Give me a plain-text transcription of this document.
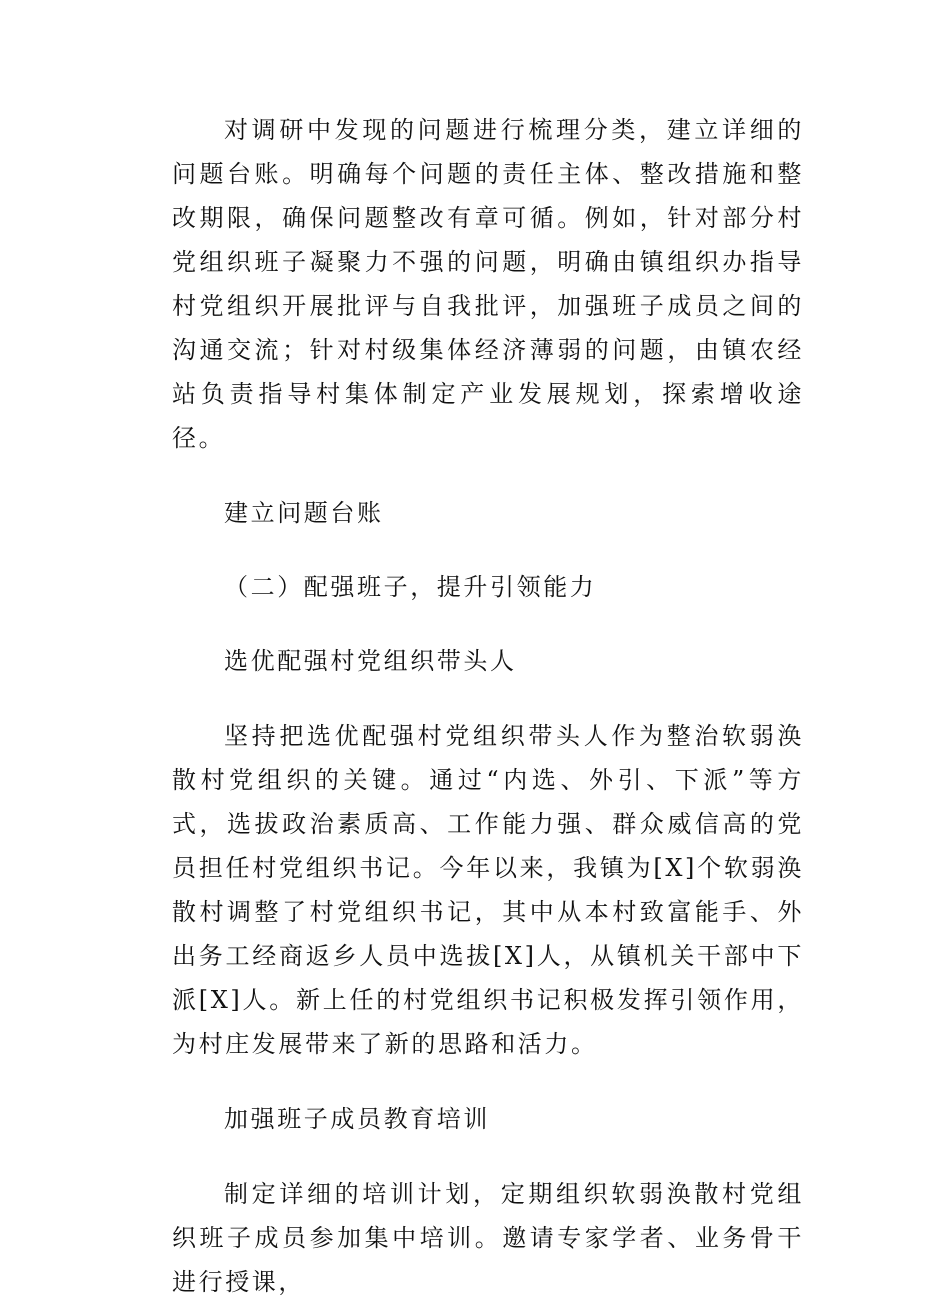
对调研中发现的问题进行梳理分类，建立详细的问题台账。明确每个问题的责任主体、整改措施和整改期限，确保问题整改有章可循。例如，针对部分村党组织班子凝聚力不强的问题，明确由镇组织办指导村党组织开展批评与自我批评，加强班子成员之间的沟通交流；针对村级集体经济薄弱的问题，由镇农经站负责指导村集体制定产业发展规划，探索增收途径。

建立问题台账

（二）配强班子，提升引领能力

选优配强村党组织带头人

坚持把选优配强村党组织带头人作为整治软弱涣散村党组织的关键。通过“内选、外引、下派”等方式，选拔政治素质高、工作能力强、群众威信高的党员担任村党组织书记。今年以来，我镇为[X]个软弱涣散村调整了村党组织书记，其中从本村致富能手、外出务工经商返乡人员中选拔[X]人，从镇机关干部中下派[X]人。新上任的村党组织书记积极发挥引领作用，为村庄发展带来了新的思路和活力。

加强班子成员教育培训

制定详细的培训计划，定期组织软弱涣散村党组织班子成员参加集中培训。邀请专家学者、业务骨干进行授课，
